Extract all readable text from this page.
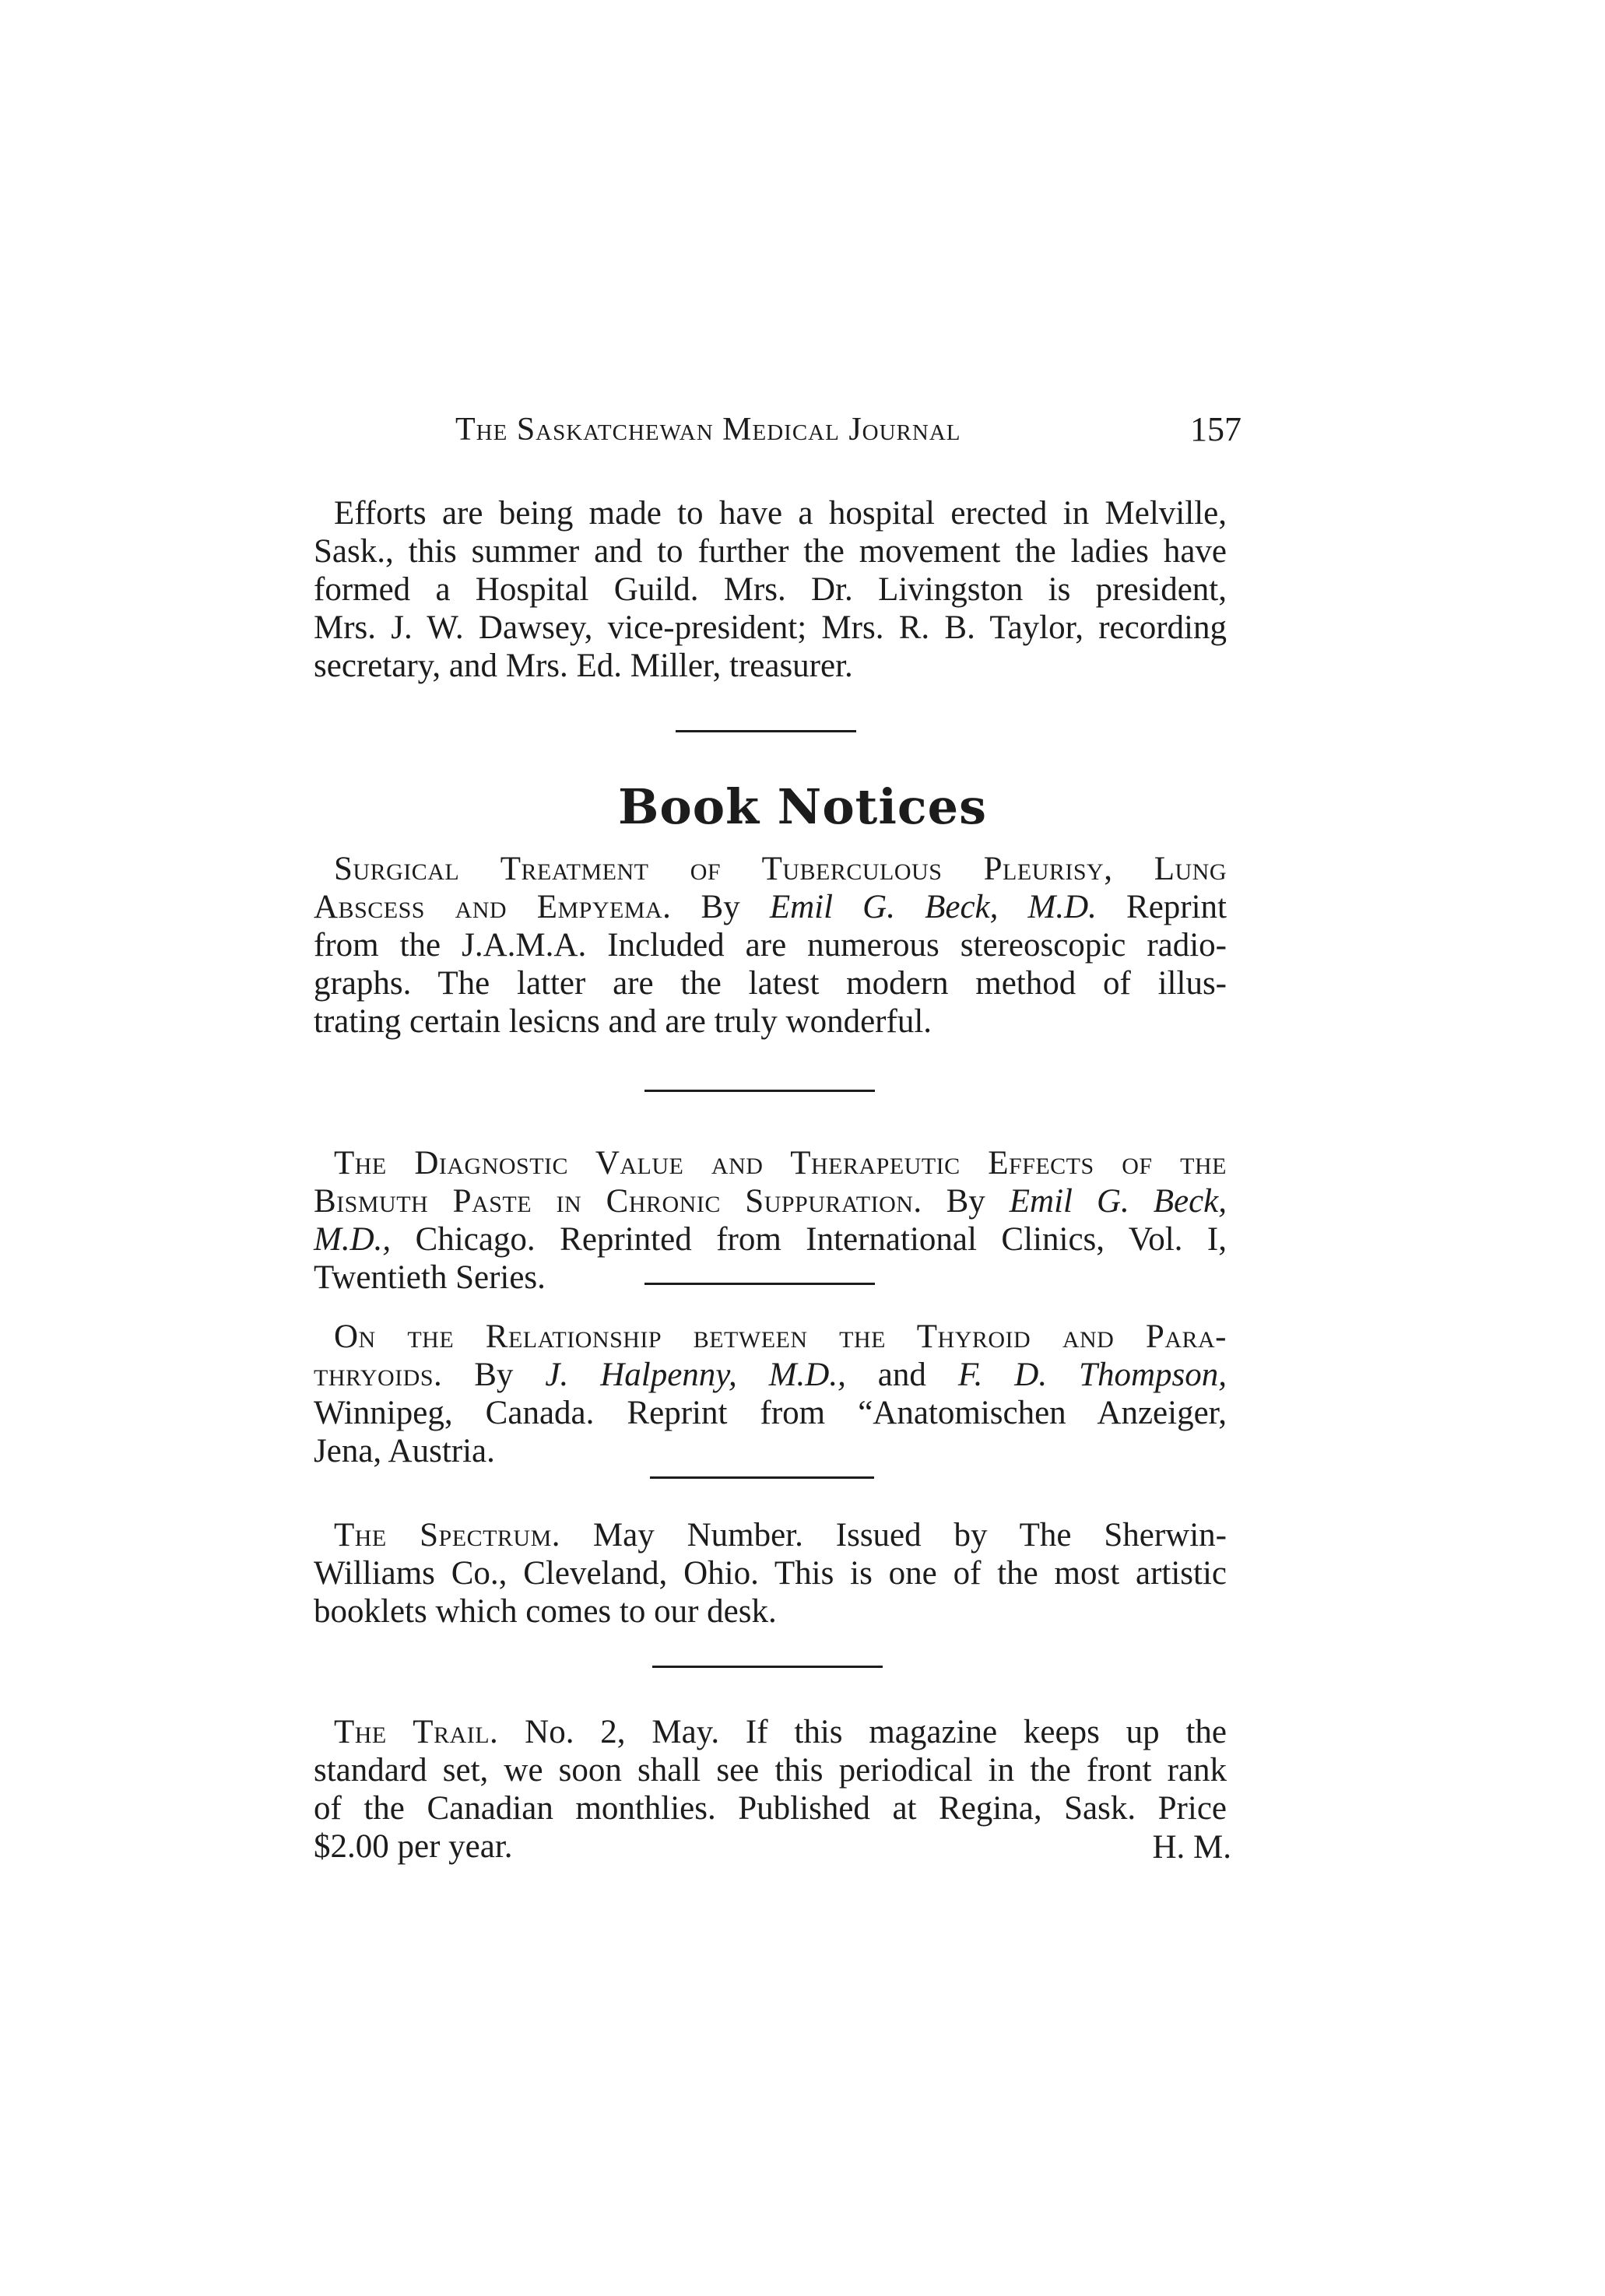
The Saskatchewan Medical Journal	157
Efforts are being made to have a hospital erected in Melville,
Sask., this summer and to further the movement the ladies have
formed a Hospital Guild. Mrs. Dr. Livingston is president,
Mrs. J. W. Dawsey, vice-president; Mrs. R. B. Taylor, recording
secretary, and Mrs. Ed. Miller, treasurer.
Book Notices
Surgical Treatment of Tuberculous Pleurisy, Lung
Abscess and Empyema. By Emil G. Beck, M.D. Reprint
from the J.A.M.A. Included are numerous stereoscopic radio-
graphs. The latter are the latest modern method of illus-
trating certain lesicns and are truly wonderful.
The Diagnostic Value and Therapeutic Effects of the
Bismuth Paste in Chronic Suppuration. By Emil G. Beck,
M.D., Chicago. Reprinted from International Clinics, Vol. I,
Twentieth Series.
On the Relationship between the Thyroid and Para-
thryoids. By J. Halpenny, M.D., and F. D. Thompson,
Winnipeg, Canada. Reprint from “Anatomischen Anzeiger,
Jena, Austria.
The Spectrum. May Number. Issued by The Sherwin-
Williams Co., Cleveland, Ohio. This is one of the most artistic
booklets which comes to our desk.
The Trail. No. 2, May. If this magazine keeps up the
standard set, we soon shall see this periodical in the front rank
of the Canadian monthlies. Published at Regina, Sask. Price
$2.00 per year.	H. M.
